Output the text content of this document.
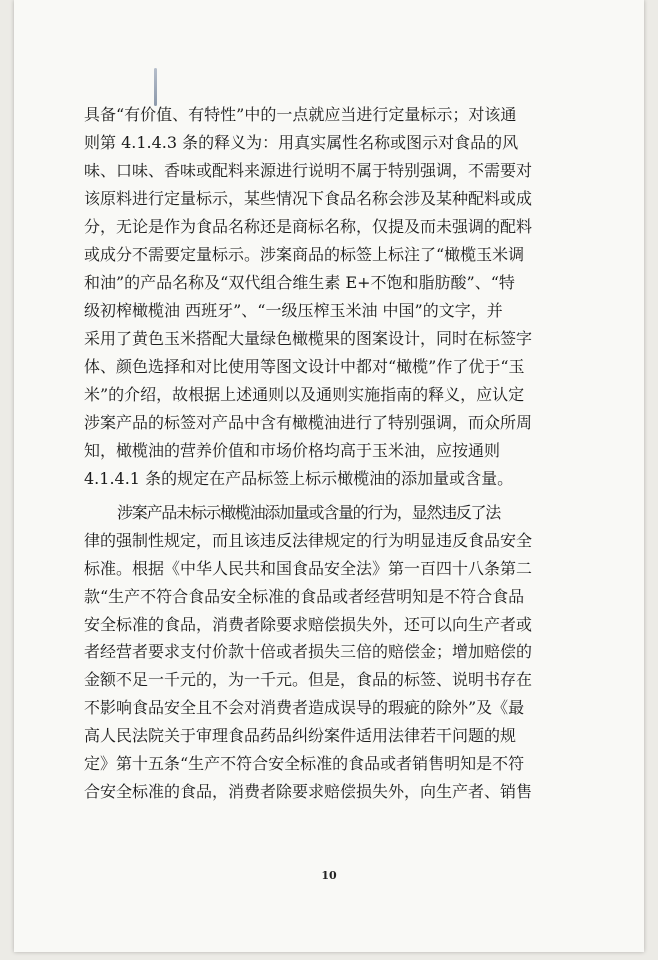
具备“有价值、有特性”中的一点就应当进行定量标示；对该通
则第 4.1.4.3 条的释义为：用真实属性名称或图示对食品的风
味、口味、香味或配料来源进行说明不属于特别强调，不需要对
该原料进行定量标示，某些情况下食品名称会涉及某种配料或成
分，无论是作为食品名称还是商标名称，仅提及而未强调的配料
或成分不需要定量标示。涉案商品的标签上标注了“橄榄玉米调
和油”的产品名称及“双代组合维生素 E+不饱和脂肪酸”、“特
级初榨橄榄油 西班牙”、“一级压榨玉米油 中国”的文字，并
采用了黄色玉米搭配大量绿色橄榄果的图案设计，同时在标签字
体、颜色选择和对比使用等图文设计中都对“橄榄”作了优于“玉
米”的介绍，故根据上述通则以及通则实施指南的释义，应认定
涉案产品的标签对产品中含有橄榄油进行了特别强调，而众所周
知，橄榄油的营养价值和市场价格均高于玉米油，应按通则
4.1.4.1 条的规定在产品标签上标示橄榄油的添加量或含量。
涉案产品未标示橄榄油添加量或含量的行为，显然违反了法
律的强制性规定，而且该违反法律规定的行为明显违反食品安全
标准。根据《中华人民共和国食品安全法》第一百四十八条第二
款“生产不符合食品安全标准的食品或者经营明知是不符合食品
安全标准的食品，消费者除要求赔偿损失外，还可以向生产者或
者经营者要求支付价款十倍或者损失三倍的赔偿金；增加赔偿的
金额不足一千元的，为一千元。但是，食品的标签、说明书存在
不影响食品安全且不会对消费者造成误导的瑕疵的除外”及《最
高人民法院关于审理食品药品纠纷案件适用法律若干问题的规
定》第十五条“生产不符合安全标准的食品或者销售明知是不符
合安全标准的食品，消费者除要求赔偿损失外，向生产者、销售
10
